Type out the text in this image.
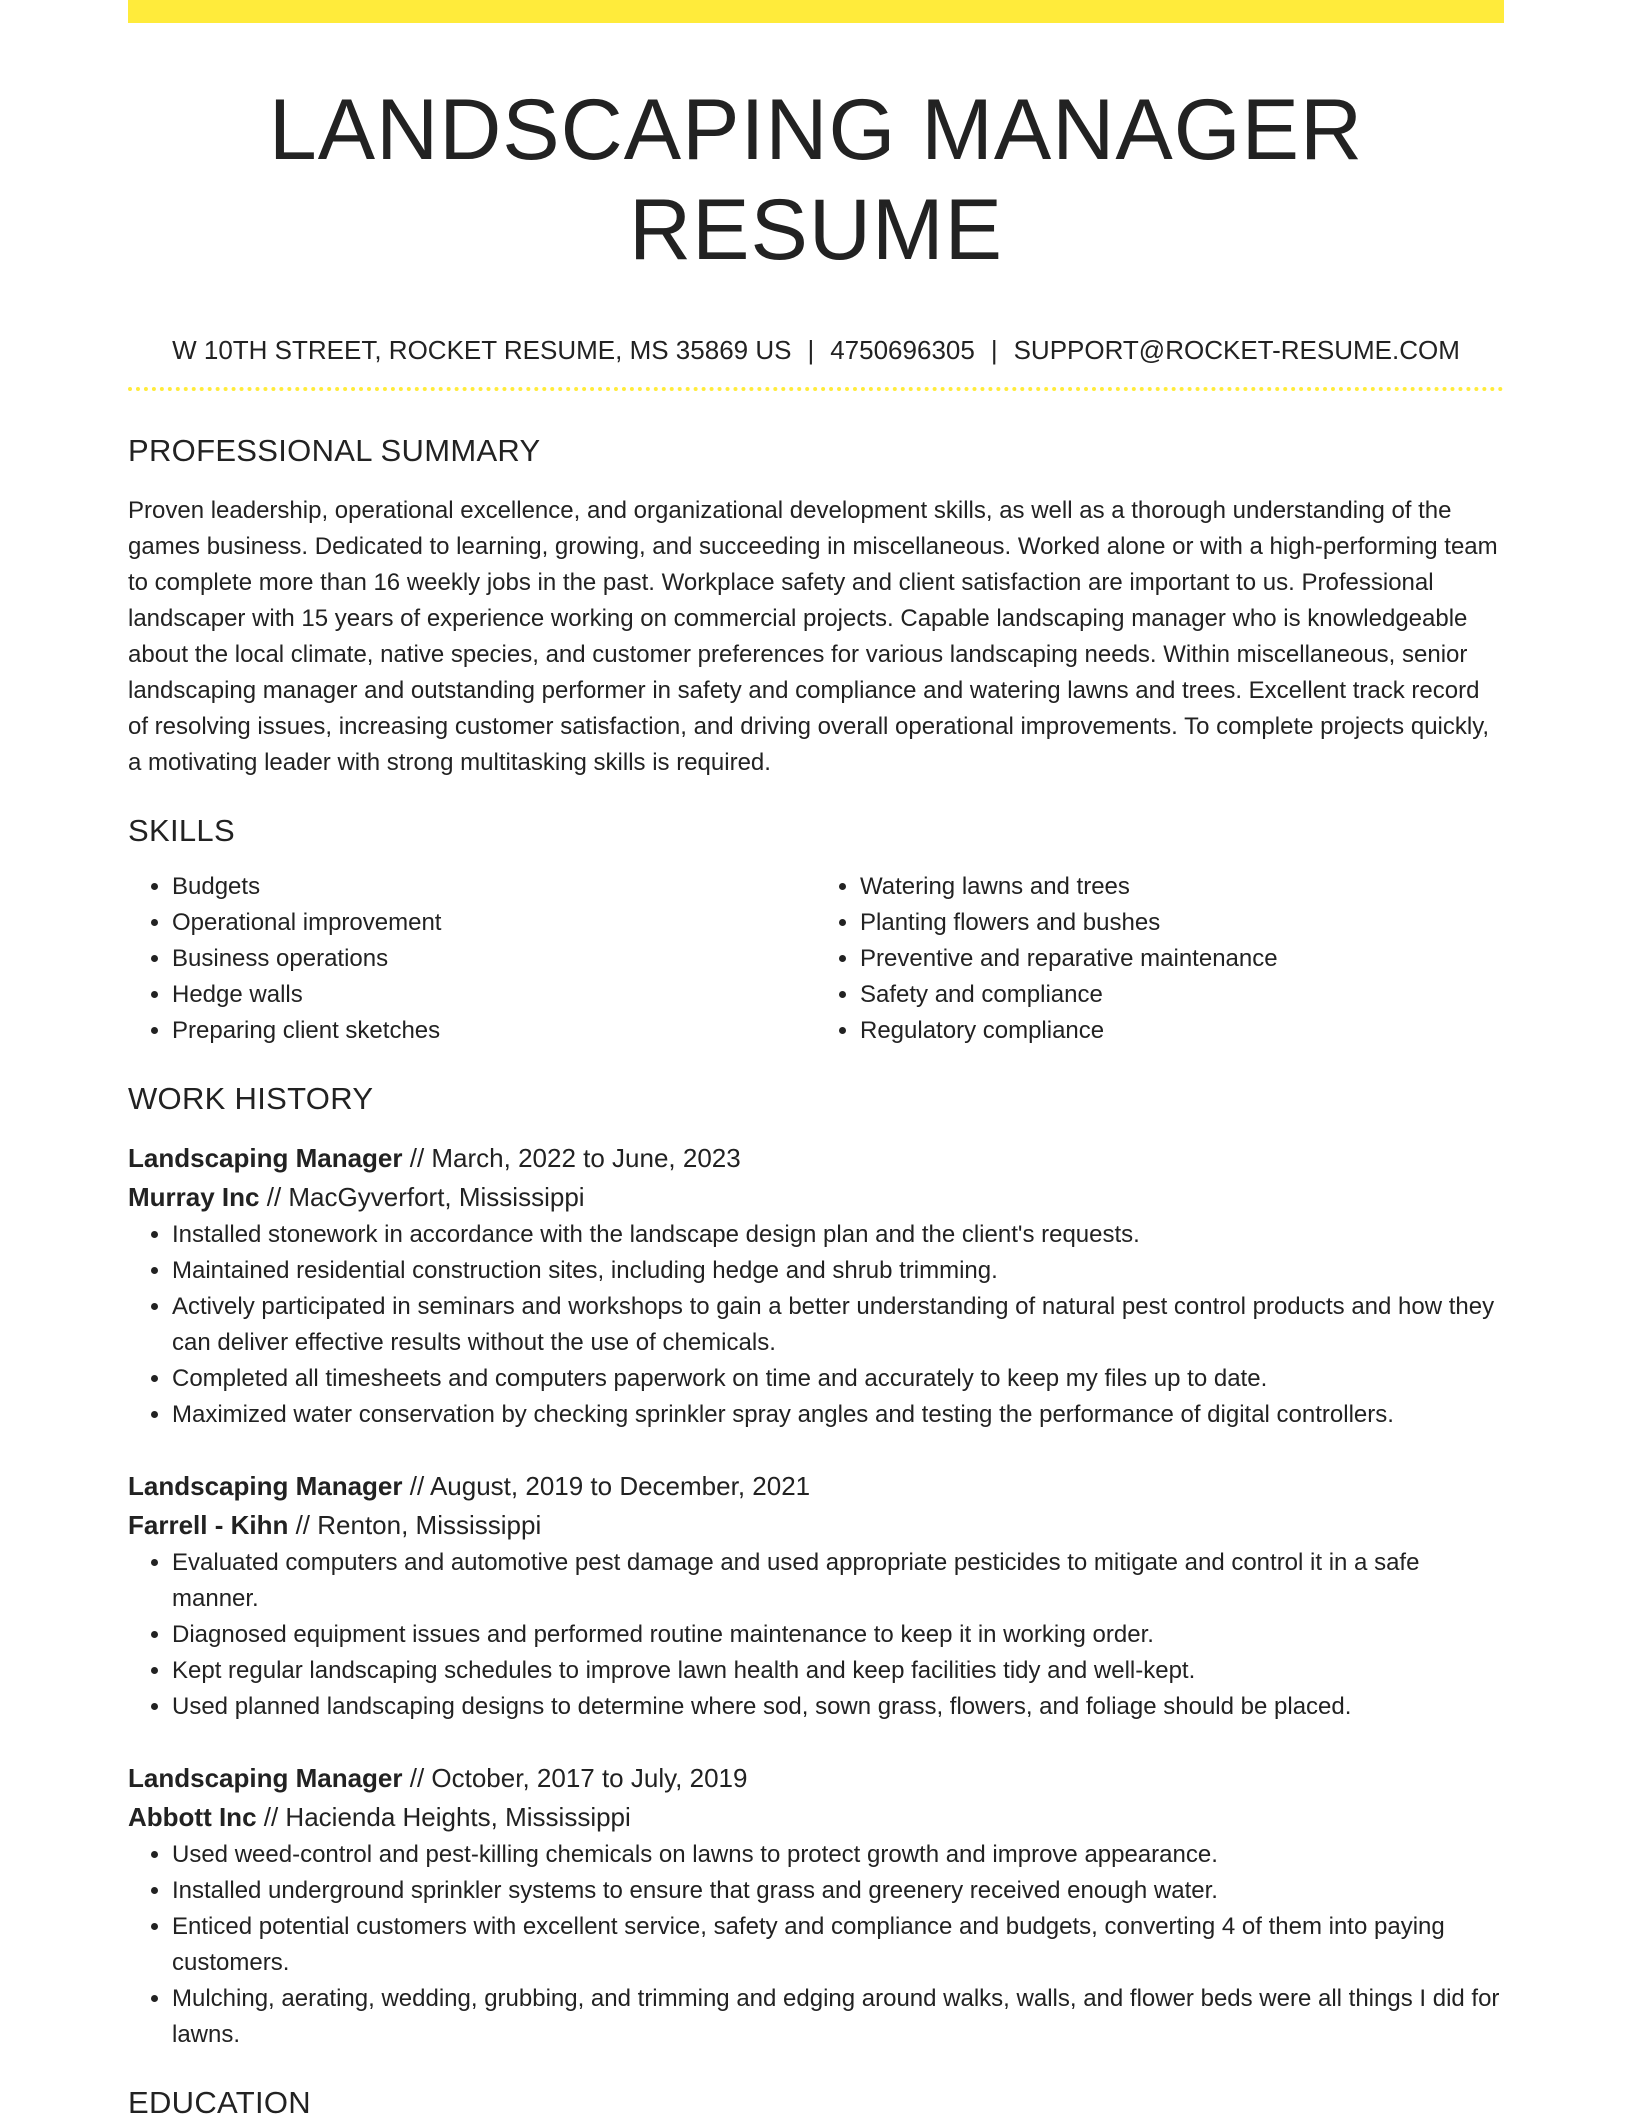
LANDSCAPING MANAGER RESUME
W 10TH STREET, ROCKET RESUME, MS 35869 US | 4750696305 | SUPPORT@ROCKET-RESUME.COM
PROFESSIONAL SUMMARY

Proven leadership, operational excellence, and organizational development skills, as well as a thorough understanding of the games business. Dedicated to learning, growing, and succeeding in miscellaneous. Worked alone or with a high-performing team to complete more than 16 weekly jobs in the past. Workplace safety and client satisfaction are important to us. Professional landscaper with 15 years of experience working on commercial projects. Capable landscaping manager who is knowledgeable about the local climate, native species, and customer preferences for various landscaping needs. Within miscellaneous, senior landscaping manager and outstanding performer in safety and compliance and watering lawns and trees. Excellent track record of resolving issues, increasing customer satisfaction, and driving overall operational improvements. To complete projects quickly, a motivating leader with strong multitasking skills is required.

SKILLS
• Budgets
• Operational improvement
• Business operations
• Hedge walls
• Preparing client sketches
• Watering lawns and trees
• Planting flowers and bushes
• Preventive and reparative maintenance
• Safety and compliance
• Regulatory compliance
WORK HISTORY
Landscaping Manager // March, 2022 to June, 2023
Murray Inc // MacGyverfort, Mississippi
• Installed stonework in accordance with the landscape design plan and the client's requests.
• Maintained residential construction sites, including hedge and shrub trimming.
• Actively participated in seminars and workshops to gain a better understanding of natural pest control products and how they can deliver effective results without the use of chemicals.
• Completed all timesheets and computers paperwork on time and accurately to keep my files up to date.
• Maximized water conservation by checking sprinkler spray angles and testing the performance of digital controllers.
Landscaping Manager // August, 2019 to December, 2021
Farrell - Kihn // Renton, Mississippi
• Evaluated computers and automotive pest damage and used appropriate pesticides to mitigate and control it in a safe manner.
• Diagnosed equipment issues and performed routine maintenance to keep it in working order.
• Kept regular landscaping schedules to improve lawn health and keep facilities tidy and well-kept.
• Used planned landscaping designs to determine where sod, sown grass, flowers, and foliage should be placed.
Landscaping Manager // October, 2017 to July, 2019
Abbott Inc // Hacienda Heights, Mississippi
• Used weed-control and pest-killing chemicals on lawns to protect growth and improve appearance.
• Installed underground sprinkler systems to ensure that grass and greenery received enough water.
• Enticed potential customers with excellent service, safety and compliance and budgets, converting 4 of them into paying customers.
• Mulching, aerating, wedding, grubbing, and trimming and edging around walks, walls, and flower beds were all things I did for lawns.
EDUCATION
